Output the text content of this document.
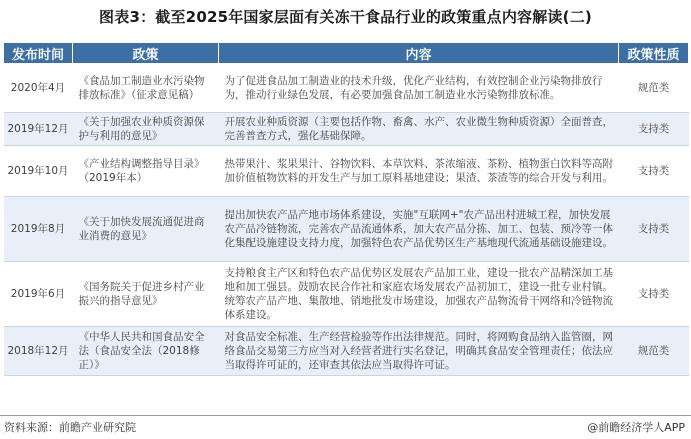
图表3：截至2025年国家层面有关冻干食品行业的政策重点内容解读(二)
发布时间	政策	内容	政策性质
2020年4月	《食品加工制造业水污染物排放标准》（征求意见稿）	为了促进食品加工制造业的技术升级，优化产业结构，有效控制企业污染物排放行为，推动行业绿色发展，有必要加强食品加工制造业水污染物排放标准。	规范类
2019年12月	《关于加强农业种质资源保护与利用的意见》	开展农业种质资源（主要包括作物、畜禽、水产、农业微生物种质资源）全面普查，完善普查方式，强化基础保障。	支持类
2019年10月	《产业结构调整指导目录》（2019年本）	热带果汁、浆果果汁、谷物饮料、本草饮料、茶浓缩液、茶粉、植物蛋白饮料等高附加价值植物饮料的开发生产与加工原料基地建设；果渣、茶渣等的综合开发与利用。	支持类
2019年8月	《关于加快发展流通促进商业消费的意见》	提出加快农产品产地市场体系建设，实施"互联网+"农产品出村进城工程，加快发展农产品冷链物流，完善农产品流通体系，加大农产品分拣、加工、包装、预冷等一体化集配设施建设支持力度，加强特色农产品优势区生产基地现代流通基础设施建设。	支持类
2019年6月	《国务院关于促进乡村产业振兴的指导意见》	支持粮食主产区和特色农产品优势区发展农产品加工业，建设一批农产品精深加工基地和加工强县。鼓励农民合作社和家庭农场发展农产品初加工，建设一批专业村镇。统筹农产品产地、集散地、销地批发市场建设，加强农产品物流骨干网络和冷链物流体系建设。	支持类
2018年12月	《中华人民共和国食品安全法（食品安全法（2018修正）》	对食品安全标准、生产经营检验等作出法律规范。同时，将网购食品纳入监管圈，网络食品交易第三方应当对入经营者进行实名登记，明确其食品安全管理责任；依法应当取得许可证的，还审查其依法应当取得许可证。	规范类
资料来源：前瞻产业研究院	@前瞻经济学人APP
